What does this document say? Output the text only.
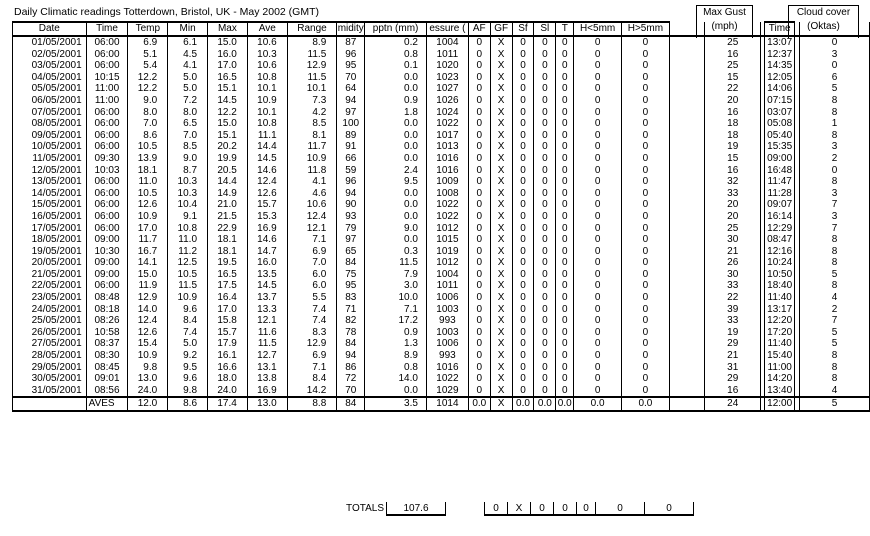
Daily Climatic readings Totterdown, Bristol, UK - May 2002 (GMT)	Max Gust
(mph)
Cloud cover
(Oktas)
Date	Time	Temp	Min	Max	Ave	Range	midity	pptn (mm)	essure (	AF	GF	Sf	Sl	T	H<5mm	H>5mm				Time		
01/05/2001	06:00	6.9	6.1	15.0	10.6	8.9	87	0.2	1004	0	X	0	0	0	0	0		25		13:07		0
02/05/2001	06:00	5.1	4.5	16.0	10.3	11.5	96	0.8	1011	0	X	0	0	0	0	0		16		12:37		3
03/05/2001	06:00	5.4	4.1	17.0	10.6	12.9	95	0.1	1020	0	X	0	0	0	0	0		25		14:35		0
04/05/2001	10:15	12.2	5.0	16.5	10.8	11.5	70	0.0	1023	0	X	0	0	0	0	0		15		12:05		6
05/05/2001	11:00	12.2	5.0	15.1	10.1	10.1	64	0.0	1027	0	X	0	0	0	0	0		22		14:06		5
06/05/2001	11:00	9.0	7.2	14.5	10.9	7.3	94	0.9	1026	0	X	0	0	0	0	0		20		07:15		8
07/05/2001	06:00	8.0	8.0	12.2	10.1	4.2	97	1.8	1024	0	X	0	0	0	0	0		16		03:07		8
08/05/2001	06:00	7.0	6.5	15.0	10.8	8.5	100	0.0	1022	0	X	0	0	0	0	0		18		05:08		1
09/05/2001	06:00	8.6	7.0	15.1	11.1	8.1	89	0.0	1017	0	X	0	0	0	0	0		18		05:40		8
10/05/2001	06:00	10.5	8.5	20.2	14.4	11.7	91	0.0	1013	0	X	0	0	0	0	0		19		15:35		3
11/05/2001	09:30	13.9	9.0	19.9	14.5	10.9	66	0.0	1016	0	X	0	0	0	0	0		15		09:00		2
12/05/2001	10:03	18.1	8.7	20.5	14.6	11.8	59	2.4	1016	0	X	0	0	0	0	0		16		16:48		0
13/05/2001	06:00	11.0	10.3	14.4	12.4	4.1	96	9.5	1009	0	X	0	0	0	0	0		32		11:47		8
14/05/2001	06:00	10.5	10.3	14.9	12.6	4.6	94	0.0	1008	0	X	0	0	0	0	0		33		11:28		3
15/05/2001	06:00	12.6	10.4	21.0	15.7	10.6	90	0.0	1022	0	X	0	0	0	0	0		20		09:07		7
16/05/2001	06:00	10.9	9.1	21.5	15.3	12.4	93	0.0	1022	0	X	0	0	0	0	0		20		16:14		3
17/05/2001	06:00	17.0	10.8	22.9	16.9	12.1	79	9.0	1012	0	X	0	0	0	0	0		25		12:29		7
18/05/2001	09:00	11.7	11.0	18.1	14.6	7.1	97	0.0	1015	0	X	0	0	0	0	0		30		08:47		8
19/05/2001	10:30	16.7	11.2	18.1	14.7	6.9	65	0.3	1019	0	X	0	0	0	0	0		21		12:16		8
20/05/2001	09:00	14.1	12.5	19.5	16.0	7.0	84	11.5	1012	0	X	0	0	0	0	0		26		10:24		8
21/05/2001	09:00	15.0	10.5	16.5	13.5	6.0	75	7.9	1004	0	X	0	0	0	0	0		30		10:50		5
22/05/2001	06:00	11.9	11.5	17.5	14.5	6.0	95	3.0	1011	0	X	0	0	0	0	0		33		18:40		8
23/05/2001	08:48	12.9	10.9	16.4	13.7	5.5	83	10.0	1006	0	X	0	0	0	0	0		22		11:40		4
24/05/2001	08:18	14.0	9.6	17.0	13.3	7.4	71	7.1	1003	0	X	0	0	0	0	0		39		13:17		2
25/05/2001	08:26	12.4	8.4	15.8	12.1	7.4	82	17.2	993	0	X	0	0	0	0	0		33		12:20		7
26/05/2001	10:58	12.6	7.4	15.7	11.6	8.3	78	0.9	1003	0	X	0	0	0	0	0		19		17:20		5
27/05/2001	08:37	15.4	5.0	17.9	11.5	12.9	84	1.3	1006	0	X	0	0	0	0	0		29		11:40		5
28/05/2001	08:30	10.9	9.2	16.1	12.7	6.9	94	8.9	993	0	X	0	0	0	0	0		21		15:40		8
29/05/2001	08:45	9.8	9.5	16.6	13.1	7.1	86	0.8	1016	0	X	0	0	0	0	0		31		11:00		8
30/05/2001	09:01	13.0	9.6	18.0	13.8	8.4	72	14.0	1022	0	X	0	0	0	0	0		29		14:20		8
31/05/2001	08:56	24.0	9.8	24.0	16.9	14.2	70	0.0	1029	0	X	0	0	0	0	0		16		13:40		4
	AVES	12.0	8.6	17.4	13.0	8.8	84	3.5	1014	0.0	X	0.0	0.0	0.0	0.0	0.0		24		12:00		5
TOTALS	107.6	0	X	0	0	0	0	0
